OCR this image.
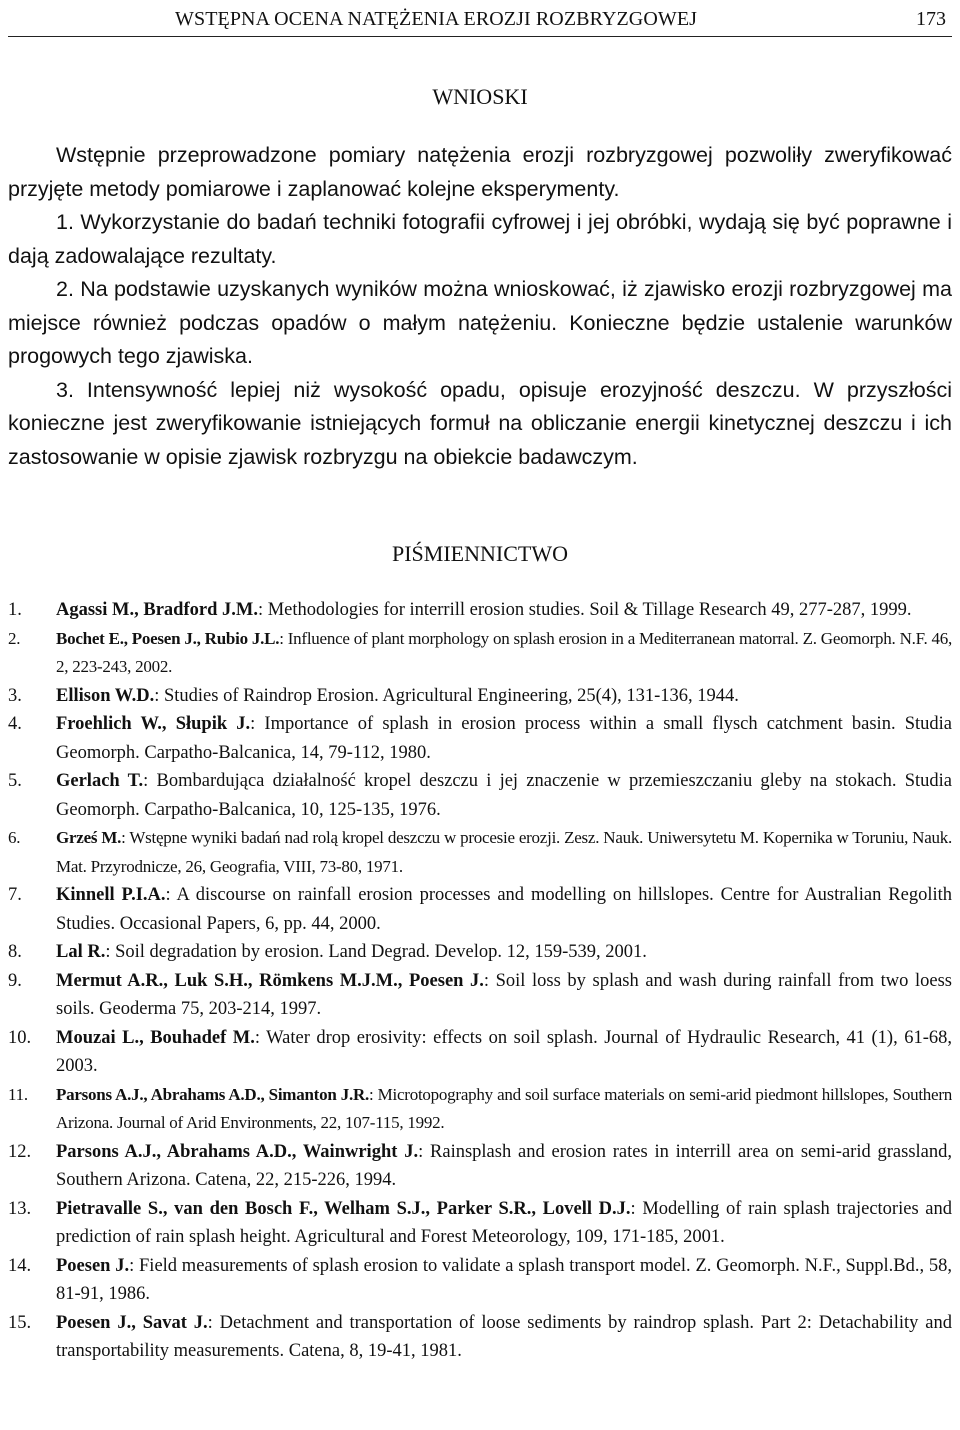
WSTĘPNA OCENA NATĘŻENIA EROZJI ROZBRYZGOWEJ	173
WNIOSKI

Wstępnie przeprowadzone pomiary natężenia erozji rozbryzgowej pozwoliły zweryfikować przyjęte metody pomiarowe i zaplanować kolejne eksperymenty.

1. Wykorzystanie do badań techniki fotografii cyfrowej i jej obróbki, wydają się być poprawne i dają zadowalające rezultaty.

2. Na podstawie uzyskanych wyników można wnioskować, iż zjawisko erozji rozbryzgowej ma miejsce również podczas opadów o małym natężeniu. Konieczne będzie ustalenie warunków progowych tego zjawiska.

3. Intensywność lepiej niż wysokość opadu, opisuje erozyjność deszczu. W przyszłości konieczne jest zweryfikowanie istniejących formuł na obliczanie energii kinetycznej deszczu i ich zastosowanie w opisie zjawisk rozbryzgu na obiekcie badawczym.

PIŚMIENNICTWO
1. Agassi M., Bradford J.M.: Methodologies for interrill erosion studies. Soil & Tillage Research 49, 277-287, 1999.
2. Bochet E., Poesen J., Rubio J.L.: Influence of plant morphology on splash erosion in a Mediterranean matorral. Z. Geomorph. N.F. 46, 2, 223-243, 2002.
3. Ellison W.D.: Studies of Raindrop Erosion. Agricultural Engineering, 25(4), 131-136, 1944.
4. Froehlich W., Słupik J.: Importance of splash in erosion process within a small flysch catchment basin. Studia Geomorph. Carpatho-Balcanica, 14, 79-112, 1980.
5. Gerlach T.: Bombardująca działalność kropel deszczu i jej znaczenie w przemieszczaniu gleby na stokach. Studia Geomorph. Carpatho-Balcanica, 10, 125-135, 1976.
6. Grześ M.: Wstępne wyniki badań nad rolą kropel deszczu w procesie erozji. Zesz. Nauk. Uniwersytetu M. Kopernika w Toruniu, Nauk. Mat. Przyrodnicze, 26, Geografia, VIII, 73-80, 1971.
7. Kinnell P.I.A.: A discourse on rainfall erosion processes and modelling on hillslopes. Centre for Australian Regolith Studies. Occasional Papers, 6, pp. 44, 2000.
8. Lal R.: Soil degradation by erosion. Land Degrad. Develop. 12, 159-539, 2001.
9. Mermut A.R., Luk S.H., Römkens M.J.M., Poesen J.: Soil loss by splash and wash during rainfall from two loess soils. Geoderma 75, 203-214, 1997.
10. Mouzai L., Bouhadef M.: Water drop erosivity: effects on soil splash. Journal of Hydraulic Research, 41 (1), 61-68, 2003.
11. Parsons A.J., Abrahams A.D., Simanton J.R.: Microtopography and soil surface materials on semi-arid piedmont hillslopes, Southern Arizona. Journal of Arid Environments, 22, 107-115, 1992.
12. Parsons A.J., Abrahams A.D., Wainwright J.: Rainsplash and erosion rates in interrill area on semi-arid grassland, Southern Arizona. Catena, 22, 215-226, 1994.
13. Pietravalle S., van den Bosch F., Welham S.J., Parker S.R., Lovell D.J.: Modelling of rain splash trajectories and prediction of rain splash height. Agricultural and Forest Meteorology, 109, 171-185, 2001.
14. Poesen J.: Field measurements of splash erosion to validate a splash transport model. Z. Geomorph. N.F., Suppl.Bd., 58, 81-91, 1986.
15. Poesen J., Savat J.: Detachment and transportation of loose sediments by raindrop splash. Part 2: Detachability and transportability measurements. Catena, 8, 19-41, 1981.
